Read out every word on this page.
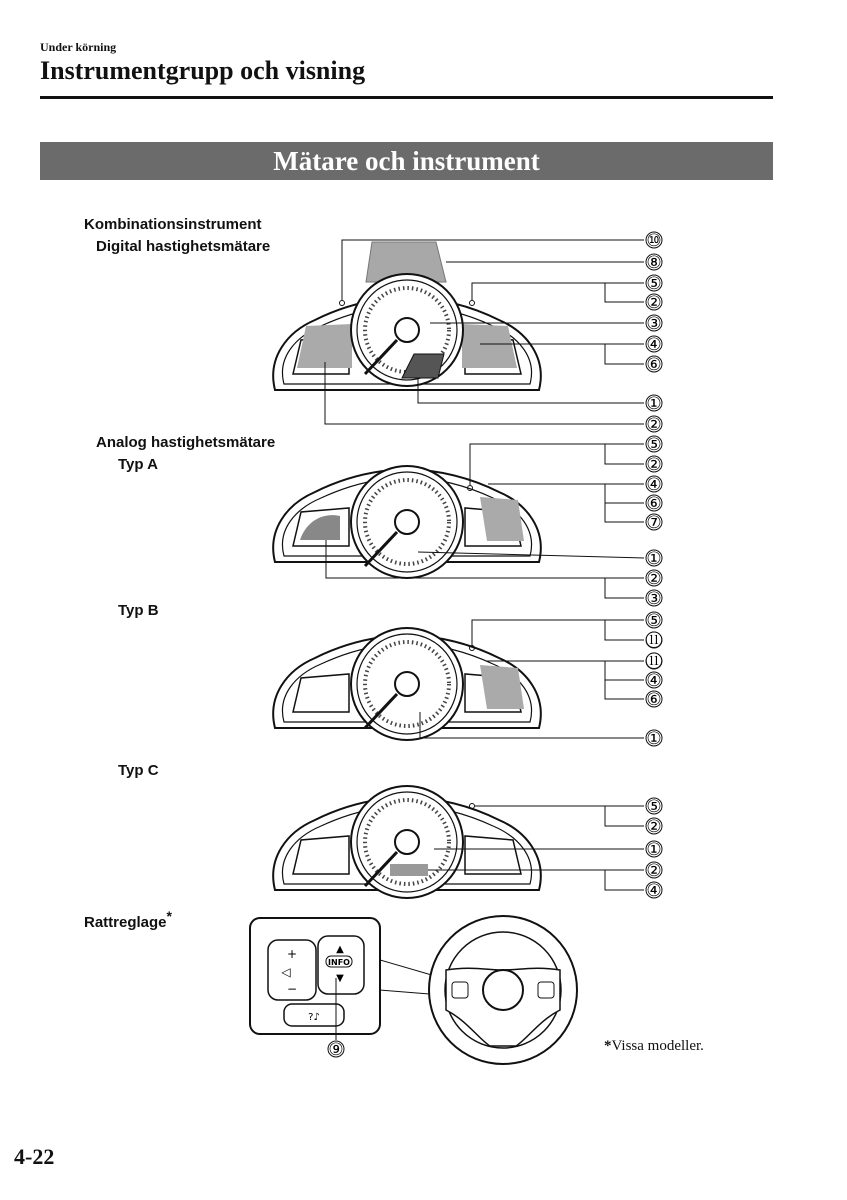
Under körning
Instrumentgrupp och visning
Mätare och instrument
Kombinationsinstrument
Digital hastighetsmätare
Analog hastighetsmätare
Typ A
Typ B
Typ C
Rattreglage*
+
◁
−
▲
INFO
▼
?♪
⑩
⑧
⑤
②
③
④
⑥
①
②
⑤
②
④
⑥
⑦
①
②
③
⑤
⑪
⑪
④
⑥
①
⑤
②
①
②
④
⑨	*Vissa modeller.
4-22
